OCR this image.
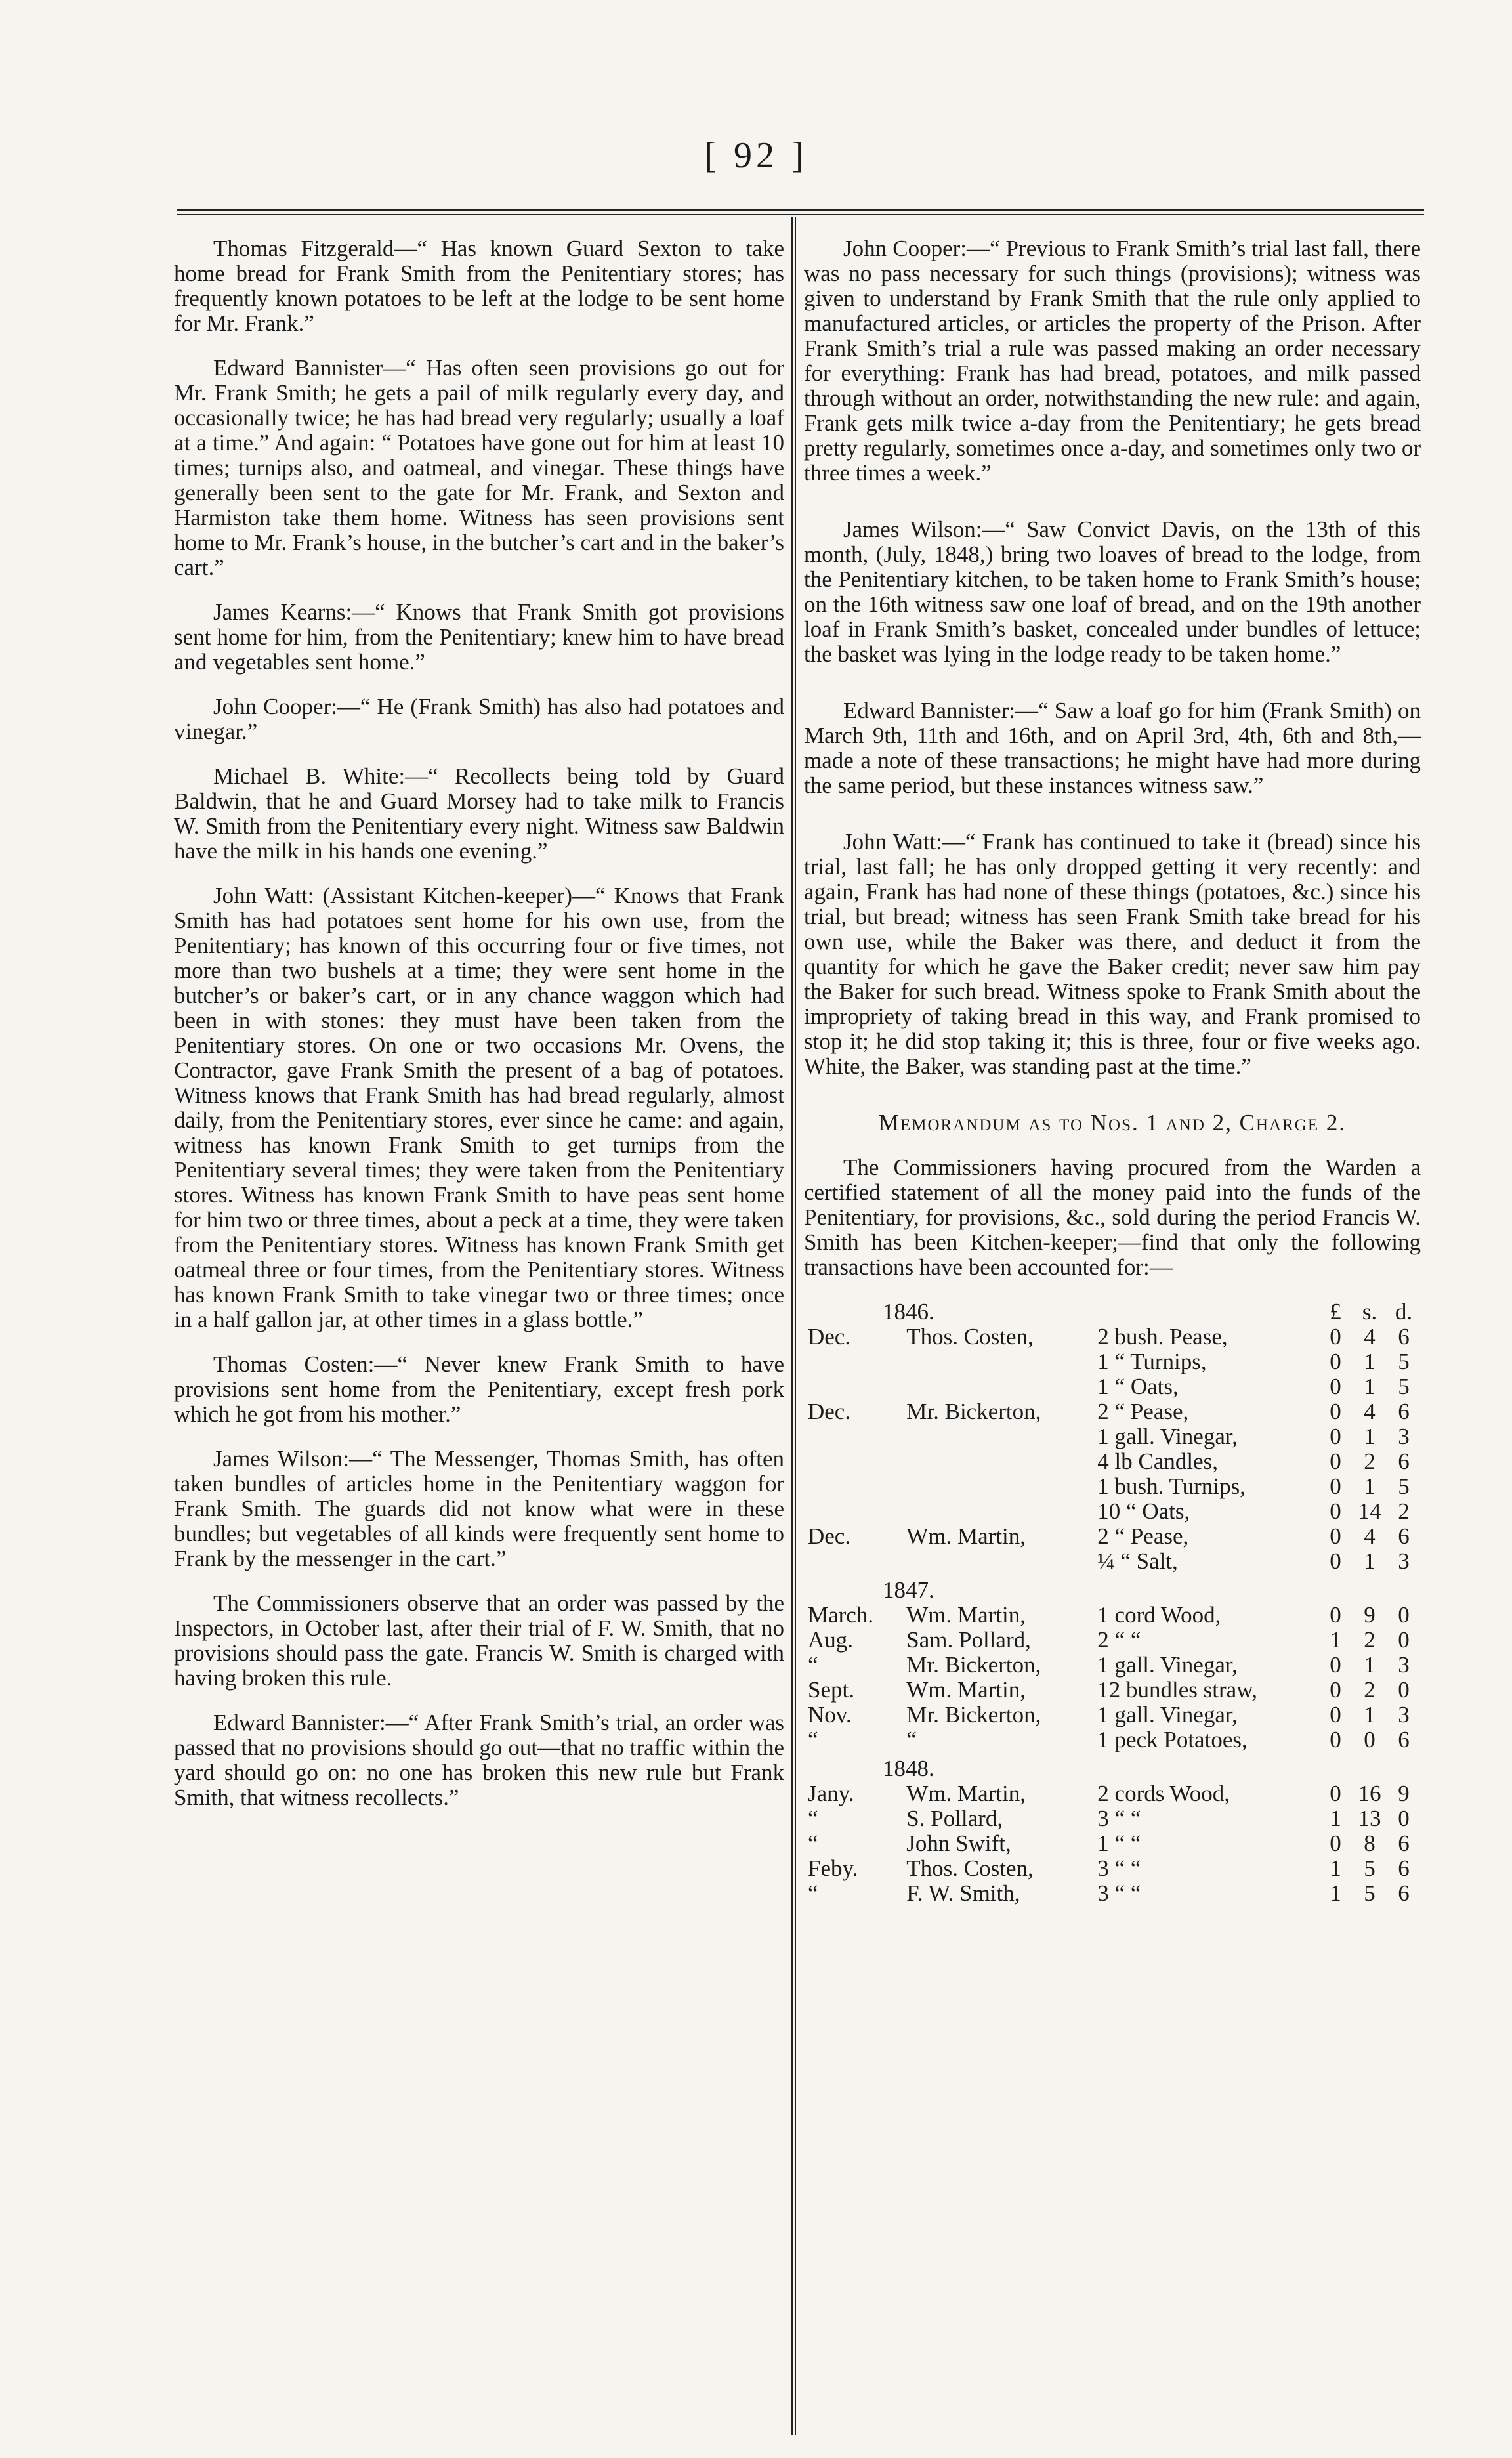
[ 92 ]

Thomas Fitzgerald—“ Has known Guard Sexton to take home bread for Frank Smith from the Penitentiary stores; has frequently known potatoes to be left at the lodge to be sent home for Mr. Frank.”

Edward Bannister—“ Has often seen provisions go out for Mr. Frank Smith; he gets a pail of milk regularly every day, and occasionally twice; he has had bread very regularly; usually a loaf at a time.” And again: “ Potatoes have gone out for him at least 10 times; turnips also, and oatmeal, and vinegar. These things have generally been sent to the gate for Mr. Frank, and Sexton and Harmiston take them home. Witness has seen provisions sent home to Mr. Frank’s house, in the butcher’s cart and in the baker’s cart.”

James Kearns:—“ Knows that Frank Smith got provisions sent home for him, from the Penitentiary; knew him to have bread and vegetables sent home.”

John Cooper:—“ He (Frank Smith) has also had potatoes and vinegar.”

Michael B. White:—“ Recollects being told by Guard Baldwin, that he and Guard Morsey had to take milk to Francis W. Smith from the Penitentiary every night. Witness saw Baldwin have the milk in his hands one evening.”

John Watt: (Assistant Kitchen-keeper)—“ Knows that Frank Smith has had potatoes sent home for his own use, from the Penitentiary; has known of this occurring four or five times, not more than two bushels at a time; they were sent home in the butcher’s or baker’s cart, or in any chance waggon which had been in with stones: they must have been taken from the Penitentiary stores. On one or two occasions Mr. Ovens, the Contractor, gave Frank Smith the present of a bag of potatoes. Witness knows that Frank Smith has had bread regularly, almost daily, from the Penitentiary stores, ever since he came: and again, witness has known Frank Smith to get turnips from the Penitentiary several times; they were taken from the Penitentiary stores. Witness has known Frank Smith to have peas sent home for him two or three times, about a peck at a time, they were taken from the Penitentiary stores. Witness has known Frank Smith get oatmeal three or four times, from the Penitentiary stores. Witness has known Frank Smith to take vinegar two or three times; once in a half gallon jar, at other times in a glass bottle.”

Thomas Costen:—“ Never knew Frank Smith to have provisions sent home from the Penitentiary, except fresh pork which he got from his mother.”

James Wilson:—“ The Messenger, Thomas Smith, has often taken bundles of articles home in the Penitentiary waggon for Frank Smith. The guards did not know what were in these bundles; but vegetables of all kinds were frequently sent home to Frank by the messenger in the cart.”

The Commissioners observe that an order was passed by the Inspectors, in October last, after their trial of F. W. Smith, that no provisions should pass the gate. Francis W. Smith is charged with having broken this rule.

Edward Bannister:—“ After Frank Smith’s trial, an order was passed that no provisions should go out—that no traffic within the yard should go on: no one has broken this new rule but Frank Smith, that witness recollects.”

John Cooper:—“ Previous to Frank Smith’s trial last fall, there was no pass necessary for such things (provisions); witness was given to understand by Frank Smith that the rule only applied to manufactured articles, or articles the property of the Prison. After Frank Smith’s trial a rule was passed making an order necessary for everything: Frank has had bread, potatoes, and milk passed through without an order, notwithstanding the new rule: and again, Frank gets milk twice a-day from the Penitentiary; he gets bread pretty regularly, sometimes once a-day, and sometimes only two or three times a week.”

James Wilson:—“ Saw Convict Davis, on the 13th of this month, (July, 1848,) bring two loaves of bread to the lodge, from the Penitentiary kitchen, to be taken home to Frank Smith’s house; on the 16th witness saw one loaf of bread, and on the 19th another loaf in Frank Smith’s basket, concealed under bundles of lettuce; the basket was lying in the lodge ready to be taken home.”

Edward Bannister:—“ Saw a loaf go for him (Frank Smith) on March 9th, 11th and 16th, and on April 3rd, 4th, 6th and 8th,—made a note of these transactions; he might have had more during the same period, but these instances witness saw.”

John Watt:—“ Frank has continued to take it (bread) since his trial, last fall; he has only dropped getting it very recently: and again, Frank has had none of these things (potatoes, &c.) since his trial, but bread; witness has seen Frank Smith take bread for his own use, while the Baker was there, and deduct it from the quantity for which he gave the Baker credit; never saw him pay the Baker for such bread. Witness spoke to Frank Smith about the impropriety of taking bread in this way, and Frank promised to stop it; he did stop taking it; this is three, four or five weeks ago. White, the Baker, was standing past at the time.”

Memorandum as to Nos. 1 and 2, Charge 2.

The Commissioners having procured from the Warden a certified statement of all the money paid into the funds of the Penitentiary, for provisions, &c., sold during the period Francis W. Smith has been Kitchen-keeper;—find that only the following transactions have been accounted for:—

1846.			£	s.	d.
Dec.	Thos. Costen,	2 bush. Pease,	0	4	6
		1 “ Turnips,	0	1	5
		1 “ Oats,	0	1	5
Dec.	Mr. Bickerton,	2 “ Pease,	0	4	6
		1 gall. Vinegar,	0	1	3
		4 lb Candles,	0	2	6
		1 bush. Turnips,	0	1	5
		10 “ Oats,	0	14	2
Dec.	Wm. Martin,	2 “ Pease,	0	4	6
		¼ “ Salt,	0	1	3
1847.					
March.	Wm. Martin,	1 cord Wood,	0	9	0
Aug.	Sam. Pollard,	2 “ “	1	2	0
“	Mr. Bickerton,	1 gall. Vinegar,	0	1	3
Sept.	Wm. Martin,	12 bundles straw,	0	2	0
Nov.	Mr. Bickerton,	1 gall. Vinegar,	0	1	3
“	“	1 peck Potatoes,	0	0	6
1848.					
Jany.	Wm. Martin,	2 cords Wood,	0	16	9
“	S. Pollard,	3 “ “	1	13	0
“	John Swift,	1 “ “	0	8	6
Feby.	Thos. Costen,	3 “ “	1	5	6
“	F. W. Smith,	3 “ “	1	5	6
